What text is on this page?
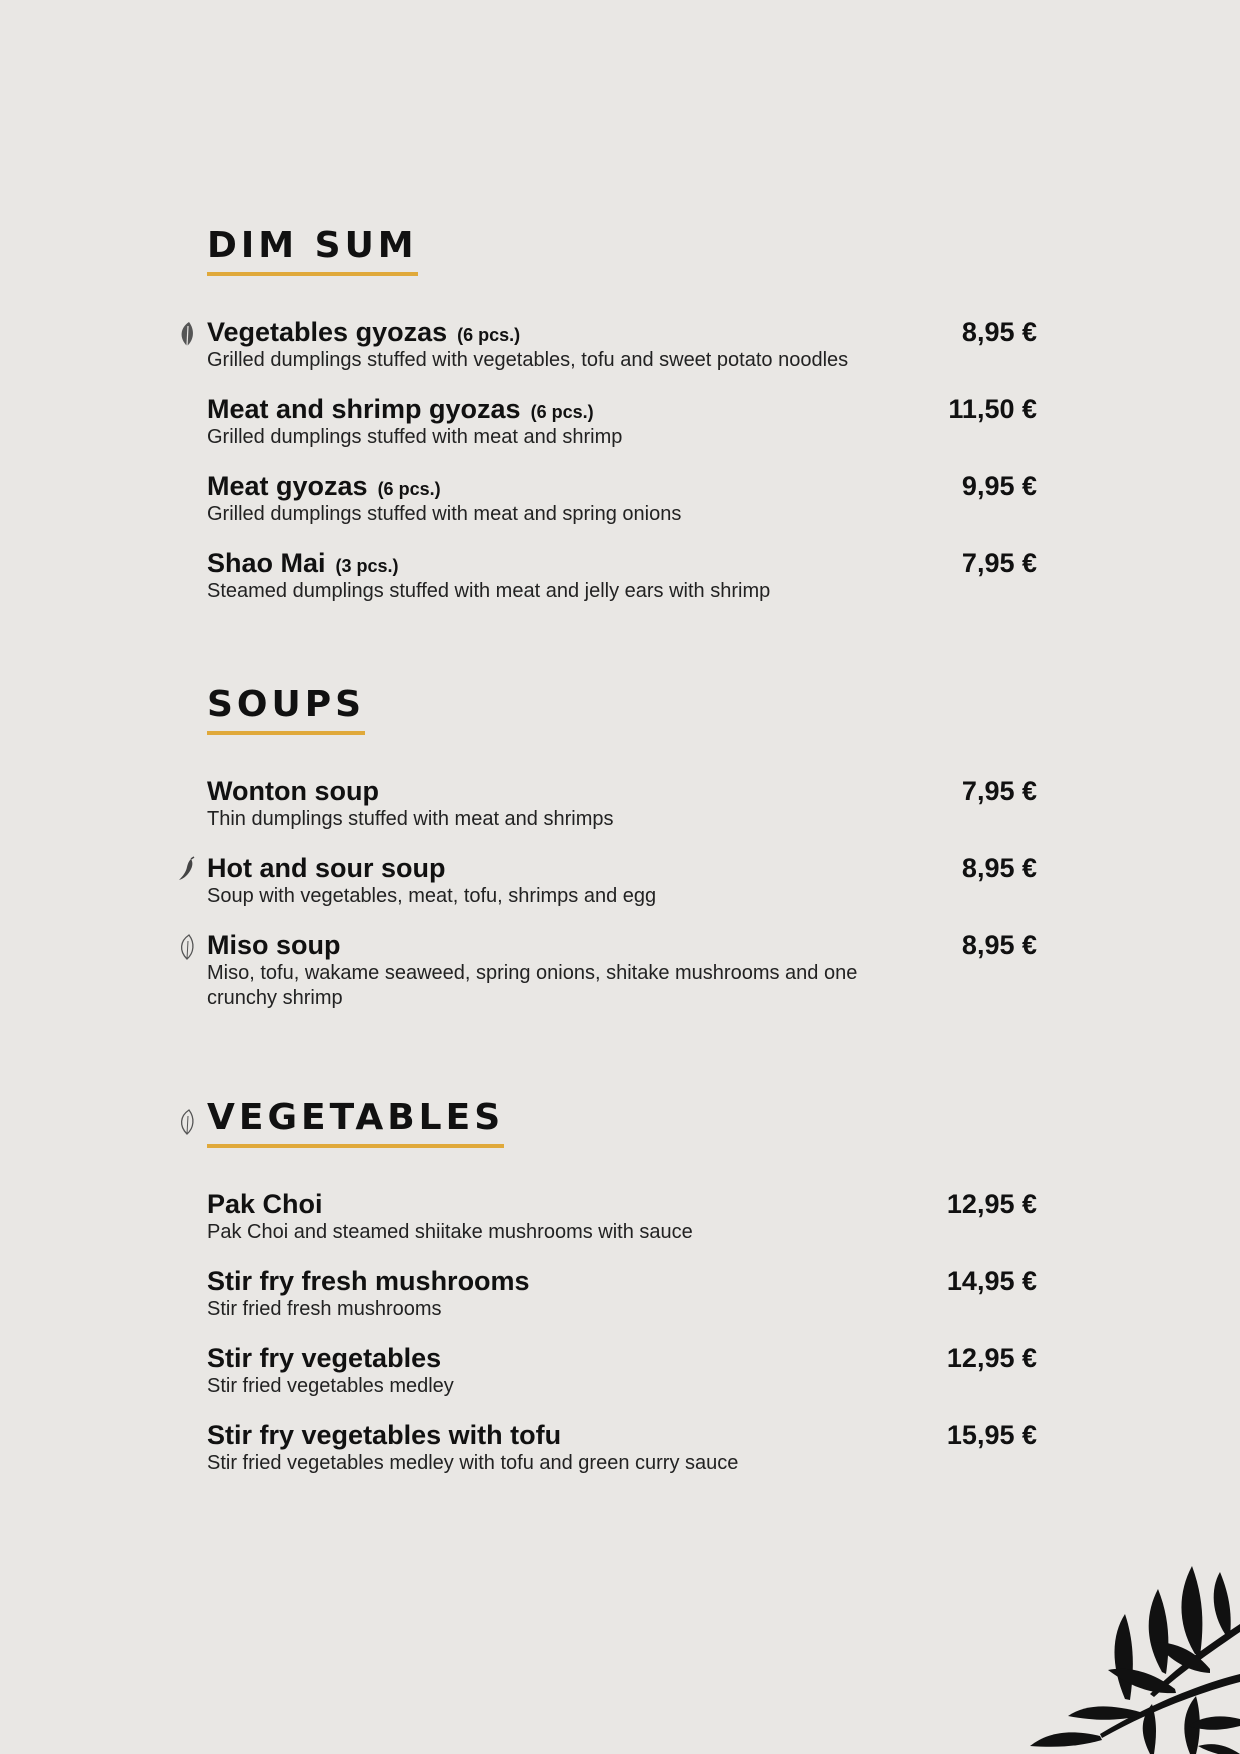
DIM SUM
Vegetables gyozas (6 pcs.)
Grilled dumplings stuffed with vegetables, tofu and sweet potato noodles
8,95 €
Meat and shrimp gyozas (6 pcs.)
Grilled dumplings stuffed with meat and shrimp
11,50 €
Meat gyozas (6 pcs.)
Grilled dumplings stuffed with meat and spring onions
9,95 €
Shao Mai (3 pcs.)
Steamed dumplings stuffed with meat and jelly ears with shrimp
7,95 €
SOUPS
Wonton soup
Thin dumplings stuffed with meat and shrimps
7,95 €
Hot and sour soup
Soup with vegetables, meat, tofu, shrimps and egg
8,95 €
Miso soup
Miso, tofu, wakame seaweed, spring onions, shitake mushrooms and one crunchy shrimp
8,95 €
VEGETABLES
Pak Choi
Pak Choi and steamed shiitake mushrooms with sauce
12,95 €
Stir fry fresh mushrooms
Stir fried fresh mushrooms
14,95 €
Stir fry vegetables
Stir fried vegetables medley
12,95 €
Stir fry vegetables with tofu
Stir fried vegetables medley with tofu and green curry sauce
15,95 €
